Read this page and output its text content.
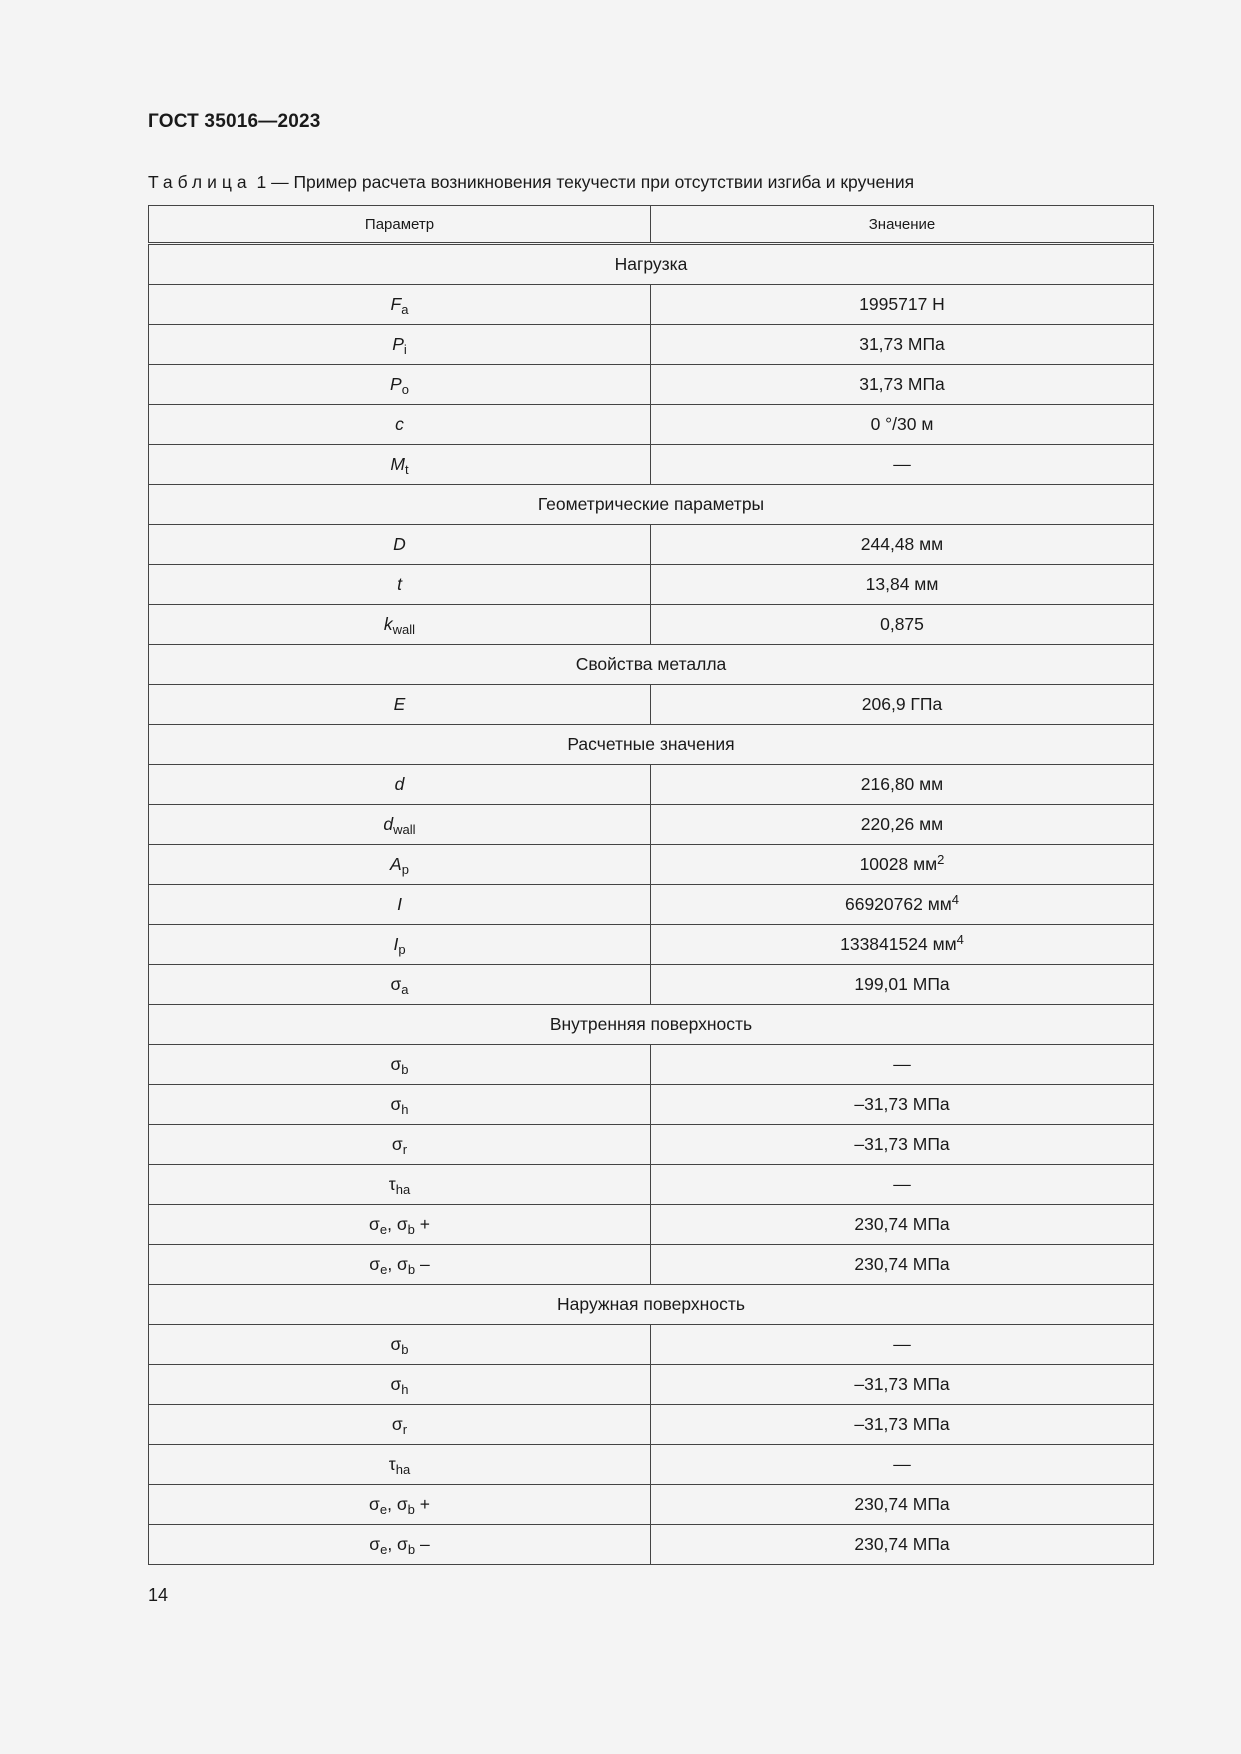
ГОСТ 35016—2023
Таблица 1 — Пример расчета возникновения текучести при отсутствии изгиба и кручения
Параметр	Значение
Нагрузка	
$F_a$	1995717 Н
$P_i$	31,73 МПа
$P_o$	31,73 МПа
c	0 °/30 м
$M_t$	—
Геометрические параметры	
D	244,48 мм
t	13,84 мм
$k_{wall}$	0,875
Свойства металла	
E	206,9 ГПа
Расчетные значения	
d	216,80 мм
$d_{wall}$	220,26 мм
$A_p$	10028 $мм^2$
I	66920762 $мм^4$
$I_p$	133841524 $мм^4$
$\sigma_a$	199,01 МПа
Внутренняя поверхность	
$\sigma_b$	—
$\sigma_h$	–31,73 МПа
$\sigma_r$	–31,73 МПа
$\tau_{ha}$	—
$\sigma_e$, $\sigma_b$ +	230,74 МПа
$\sigma_e$, $\sigma_b$ –	230,74 МПа
Наружная поверхность	
$\sigma_b$	—
$\sigma_h$	–31,73 МПа
$\sigma_r$	–31,73 МПа
$\tau_{ha}$	—
$\sigma_e$, $\sigma_b$ +	230,74 МПа
$\sigma_e$, $\sigma_b$ –	230,74 МПа
14
